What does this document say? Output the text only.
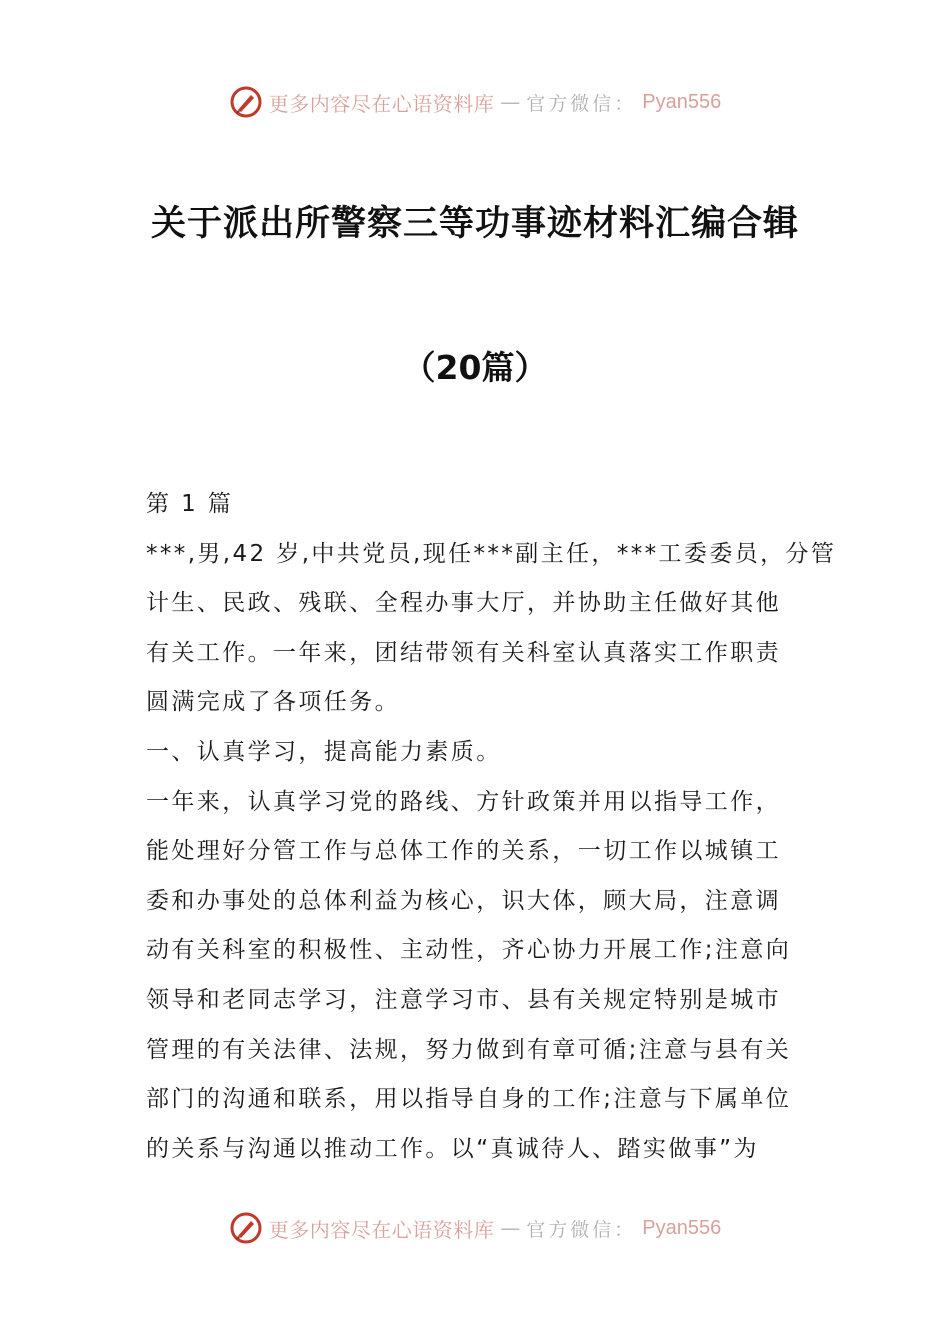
更多内容尽在心语资料库 — 官方微信： Pyan556
关于派出所警察三等功事迹材料汇编合辑
（20篇）

第 1 篇

***,男,42 岁,中共党员,现任***副主任，***工委委员，分管

计生、民政、残联、全程办事大厅，并协助主任做好其他

有关工作。一年来，团结带领有关科室认真落实工作职责

圆满完成了各项任务。

一、认真学习，提高能力素质。

一年来，认真学习党的路线、方针政策并用以指导工作，

能处理好分管工作与总体工作的关系，一切工作以城镇工

委和办事处的总体利益为核心，识大体，顾大局，注意调

动有关科室的积极性、主动性，齐心协力开展工作;注意向

领导和老同志学习，注意学习市、县有关规定特别是城市

管理的有关法律、法规，努力做到有章可循;注意与县有关

部门的沟通和联系，用以指导自身的工作;注意与下属单位

的关系与沟通以推动工作。以“真诚待人、踏实做事”为

更多内容尽在心语资料库 — 官方微信： Pyan556
